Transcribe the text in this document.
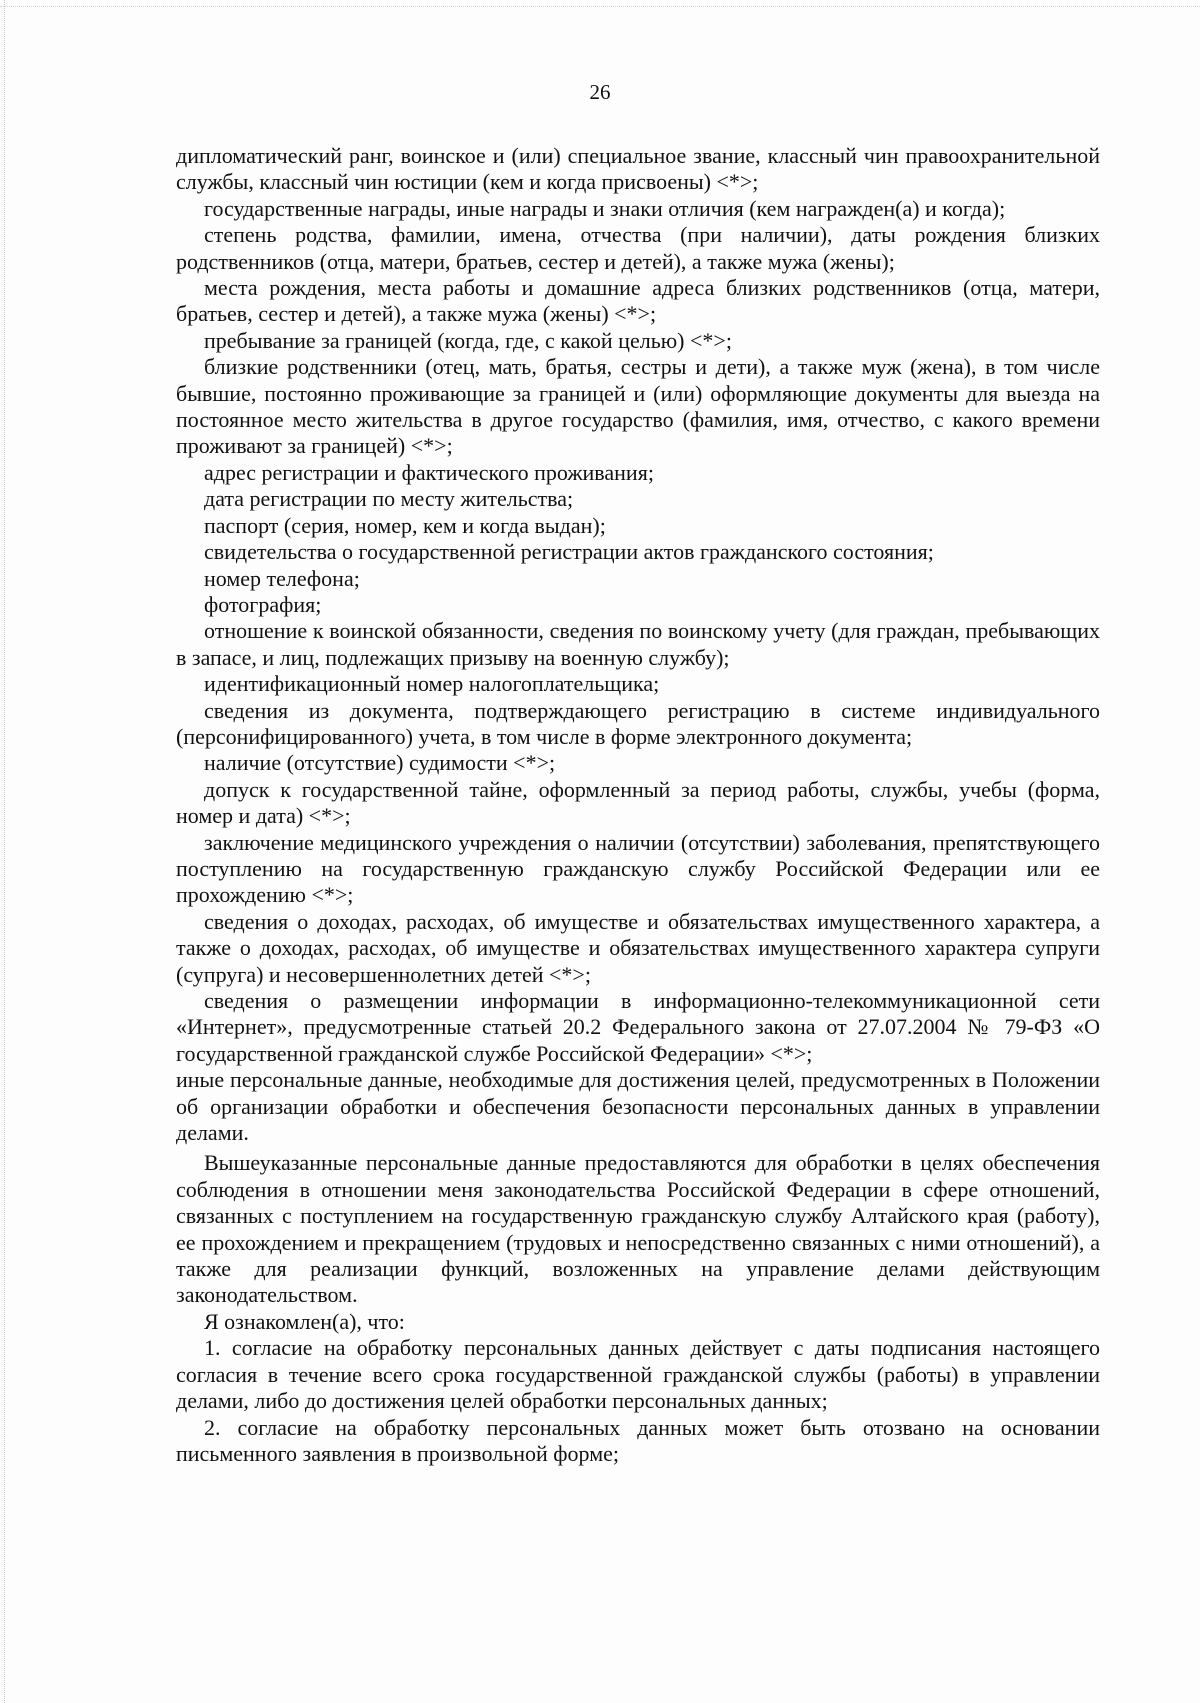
26

дипломатический ранг, воинское и (или) специальное звание, классный чин правоохранительной службы, классный чин юстиции (кем и когда присвоены) <*>;

государственные награды, иные награды и знаки отличия (кем награжден(а) и когда);

степень родства, фамилии, имена, отчества (при наличии), даты рождения близких родственников (отца, матери, братьев, сестер и детей), а также мужа (жены);

места рождения, места работы и домашние адреса близких родственников (отца, матери, братьев, сестер и детей), а также мужа (жены) <*>;

пребывание за границей (когда, где, с какой целью) <*>;

близкие родственники (отец, мать, братья, сестры и дети), а также муж (жена), в том числе бывшие, постоянно проживающие за границей и (или) оформляющие документы для выезда на постоянное место жительства в другое государство (фамилия, имя, отчество, с какого времени проживают за границей) <*>;

адрес регистрации и фактического проживания;

дата регистрации по месту жительства;

паспорт (серия, номер, кем и когда выдан);

свидетельства о государственной регистрации актов гражданского состояния;

номер телефона;

фотография;

отношение к воинской обязанности, сведения по воинскому учету (для граждан, пребывающих в запасе, и лиц, подлежащих призыву на военную службу);

идентификационный номер налогоплательщика;

сведения из документа, подтверждающего регистрацию в системе индивидуального (персонифицированного) учета, в том числе в форме электронного документа;

наличие (отсутствие) судимости <*>;

допуск к государственной тайне, оформленный за период работы, службы, учебы (форма, номер и дата) <*>;

заключение медицинского учреждения о наличии (отсутствии) заболевания, препятствующего поступлению на государственную гражданскую службу Российской Федерации или ее прохождению <*>;

сведения о доходах, расходах, об имуществе и обязательствах имущественного характера, а также о доходах, расходах, об имуществе и обязательствах имущественного характера супруги (супруга) и несовершеннолетних детей <*>;

сведения о размещении информации в информационно-телекоммуникационной сети «Интернет», предусмотренные статьей 20.2 Федерального закона от 27.07.2004 № 79-ФЗ «О государственной гражданской службе Российской Федерации» <*>;

иные персональные данные, необходимые для достижения целей, предусмотренных в Положении об организации обработки и обеспечения безопасности персональных данных в управлении делами.

Вышеуказанные персональные данные предоставляются для обработки в целях обеспечения соблюдения в отношении меня законодательства Российской Федерации в сфере отношений, связанных с поступлением на государственную гражданскую службу Алтайского края (работу), ее прохождением и прекращением (трудовых и непосредственно связанных с ними отношений), а также для реализации функций, возложенных на управление делами действующим законодательством.

Я ознакомлен(а), что:

1. согласие на обработку персональных данных действует с даты подписания настоящего согласия в течение всего срока государственной гражданской службы (работы) в управлении делами, либо до достижения целей обработки персональных данных;

2. согласие на обработку персональных данных может быть отозвано на основании письменного заявления в произвольной форме;
